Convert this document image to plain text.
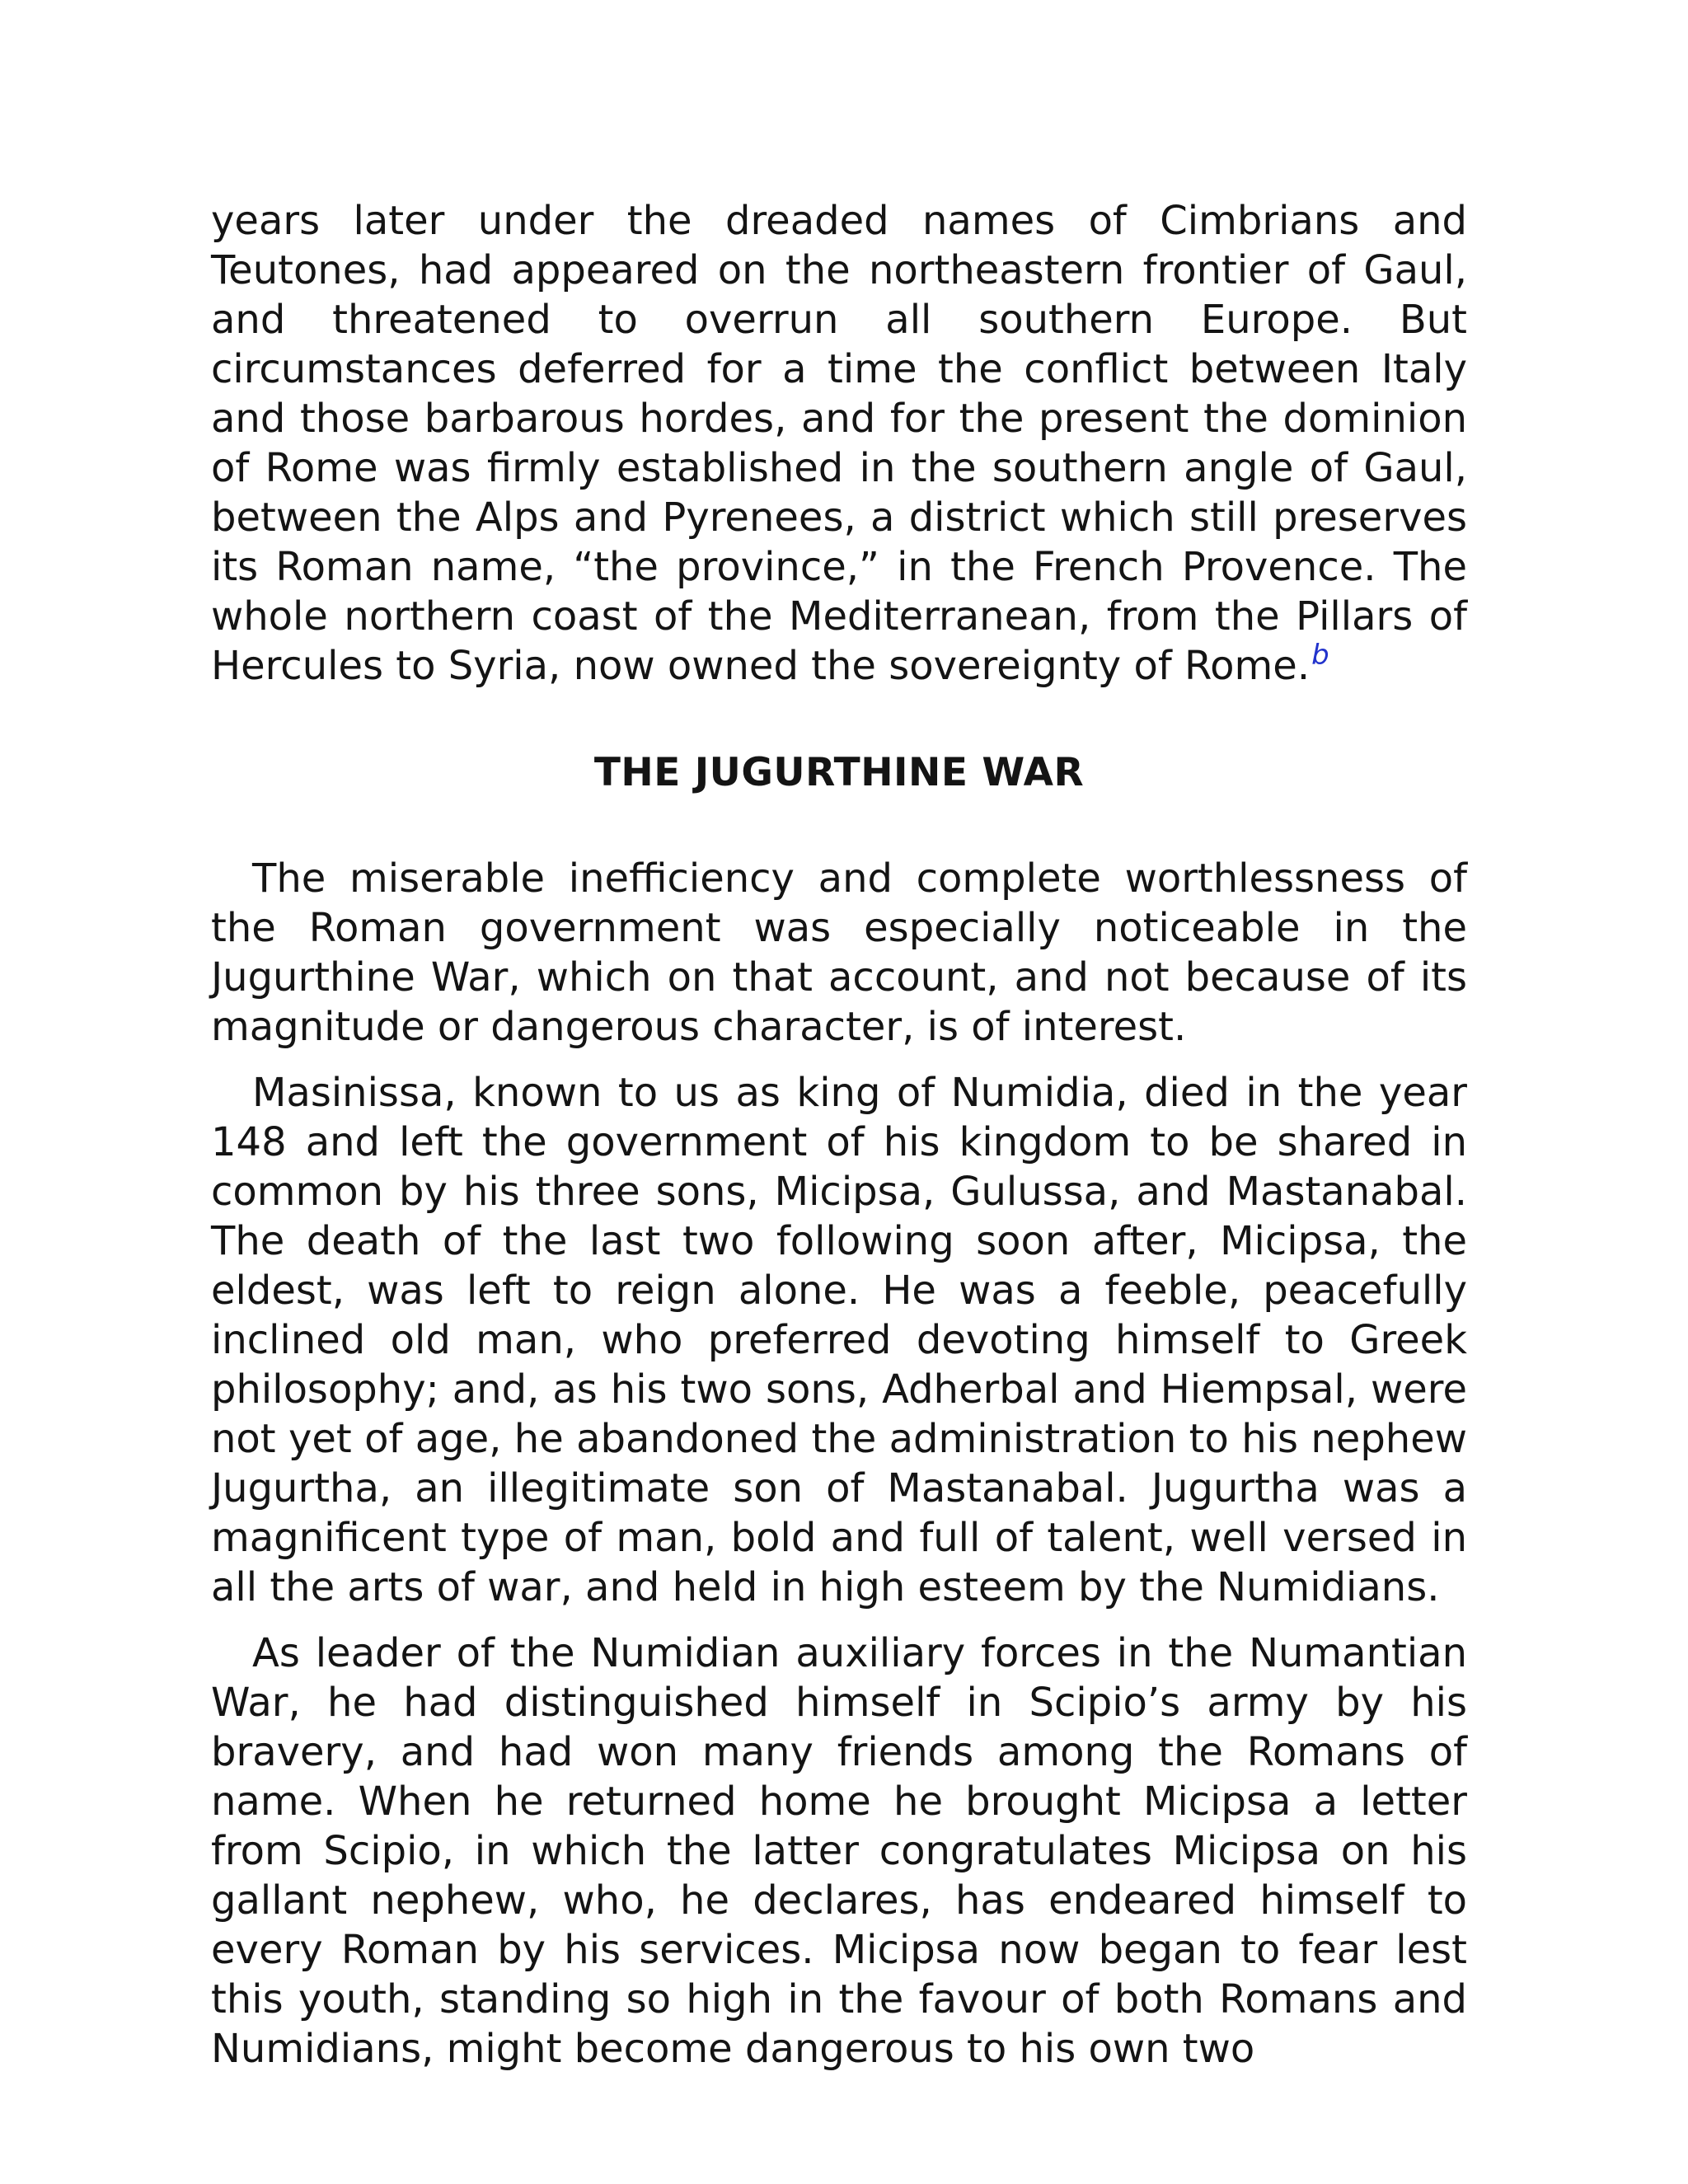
years later under the dreaded names of Cimbrians and Teutones, had appeared on the northeastern frontier of Gaul, and threatened to overrun all southern Europe. But circumstances deferred for a time the conflict between Italy and those barbarous hordes, and for the present the dominion of Rome was firmly established in the southern angle of Gaul, between the Alps and Pyrenees, a district which still preserves its Roman name, “the province,” in the French Provence. The whole northern coast of the Mediterranean, from the Pillars of Hercules to Syria, now owned the sovereignty of Rome.$^b$

THE JUGURTHINE WAR

The miserable inefficiency and complete worthlessness of the Roman government was especially noticeable in the Jugurthine War, which on that account, and not because of its magnitude or dangerous character, is of interest.

Masinissa, known to us as king of Numidia, died in the year 148 and left the government of his kingdom to be shared in common by his three sons, Micipsa, Gulussa, and Mastanabal. The death of the last two following soon after, Micipsa, the eldest, was left to reign alone. He was a feeble, peacefully inclined old man, who preferred devoting himself to Greek philosophy; and, as his two sons, Adherbal and Hiempsal, were not yet of age, he abandoned the administration to his nephew Jugurtha, an illegitimate son of Mastanabal. Jugurtha was a magnificent type of man, bold and full of talent, well versed in all the arts of war, and held in high esteem by the Numidians.

As leader of the Numidian auxiliary forces in the Numantian War, he had distinguished himself in Scipio’s army by his bravery, and had won many friends among the Romans of name. When he returned home he brought Micipsa a letter from Scipio, in which the latter congratulates Micipsa on his gallant nephew, who, he declares, has endeared himself to every Roman by his services. Micipsa now began to fear lest this youth, standing so high in the favour of both Romans and Numidians, might become dangerous to his own two
